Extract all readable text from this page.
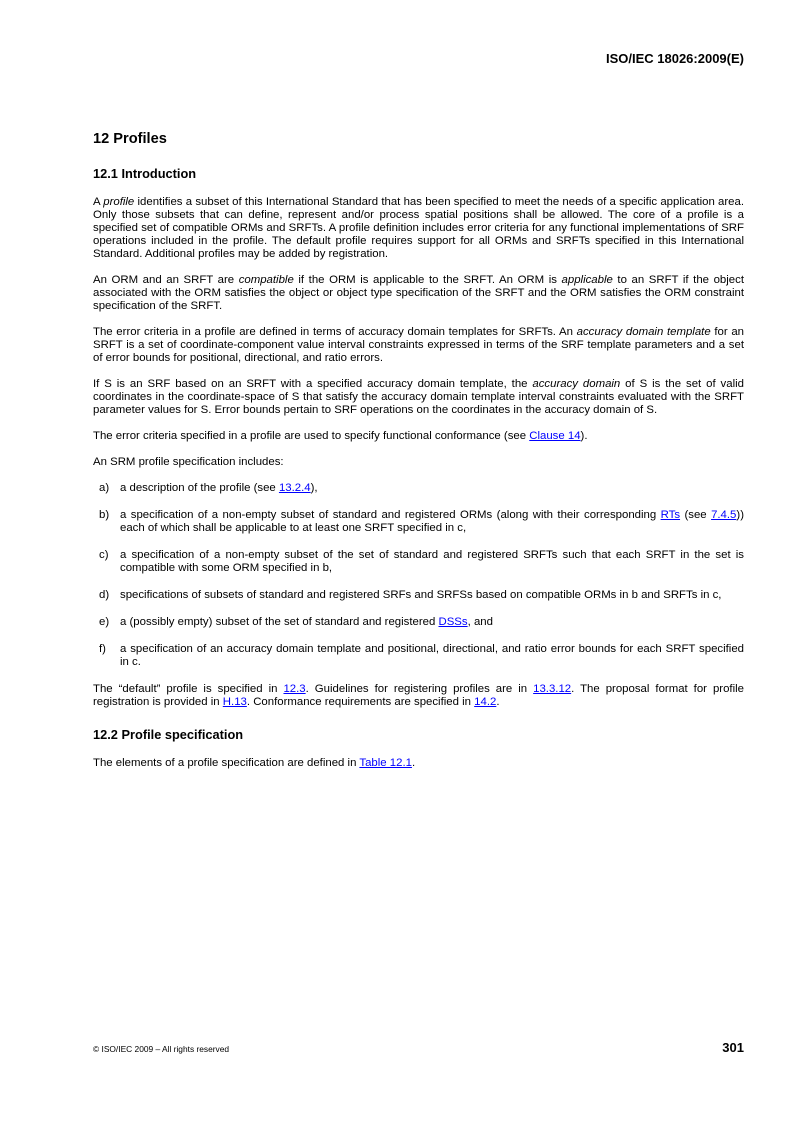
ISO/IEC 18026:2009(E)
12 Profiles
12.1 Introduction

A profile identifies a subset of this International Standard that has been specified to meet the needs of a specific application area. Only those subsets that can define, represent and/or process spatial positions shall be allowed. The core of a profile is a specified set of compatible ORMs and SRFTs. A profile definition includes error criteria for any functional implementations of SRF operations included in the profile. The default profile requires support for all ORMs and SRFTs specified in this International Standard. Additional profiles may be added by registration.

An ORM and an SRFT are compatible if the ORM is applicable to the SRFT. An ORM is applicable to an SRFT if the object associated with the ORM satisfies the object or object type specification of the SRFT and the ORM satisfies the ORM constraint specification of the SRFT.

The error criteria in a profile are defined in terms of accuracy domain templates for SRFTs. An accuracy domain template for an SRFT is a set of coordinate-component value interval constraints expressed in terms of the SRF template parameters and a set of error bounds for positional, directional, and ratio errors.

If S is an SRF based on an SRFT with a specified accuracy domain template, the accuracy domain of S is the set of valid coordinates in the coordinate-space of S that satisfy the accuracy domain template interval constraints evaluated with the SRFT parameter values for S. Error bounds pertain to SRF operations on the coordinates in the accuracy domain of S.

The error criteria specified in a profile are used to specify functional conformance (see Clause 14).

An SRM profile specification includes:

a) a description of the profile (see 13.2.4),
b) a specification of a non-empty subset of standard and registered ORMs (along with their corresponding RTs (see 7.4.5)) each of which shall be applicable to at least one SRFT specified in c,
c) a specification of a non-empty subset of the set of standard and registered SRFTs such that each SRFT in the set is compatible with some ORM specified in b,
d) specifications of subsets of standard and registered SRFs and SRFSs based on compatible ORMs in b and SRFTs in c,
e) a (possibly empty) subset of the set of standard and registered DSSs, and
f) a specification of an accuracy domain template and positional, directional, and ratio error bounds for each SRFT specified in c.

The “default” profile is specified in 12.3. Guidelines for registering profiles are in 13.3.12. The proposal format for profile registration is provided in H.13. Conformance requirements are specified in 14.2.

12.2 Profile specification

The elements of a profile specification are defined in Table 12.1.

© ISO/IEC 2009 – All rights reserved	301
